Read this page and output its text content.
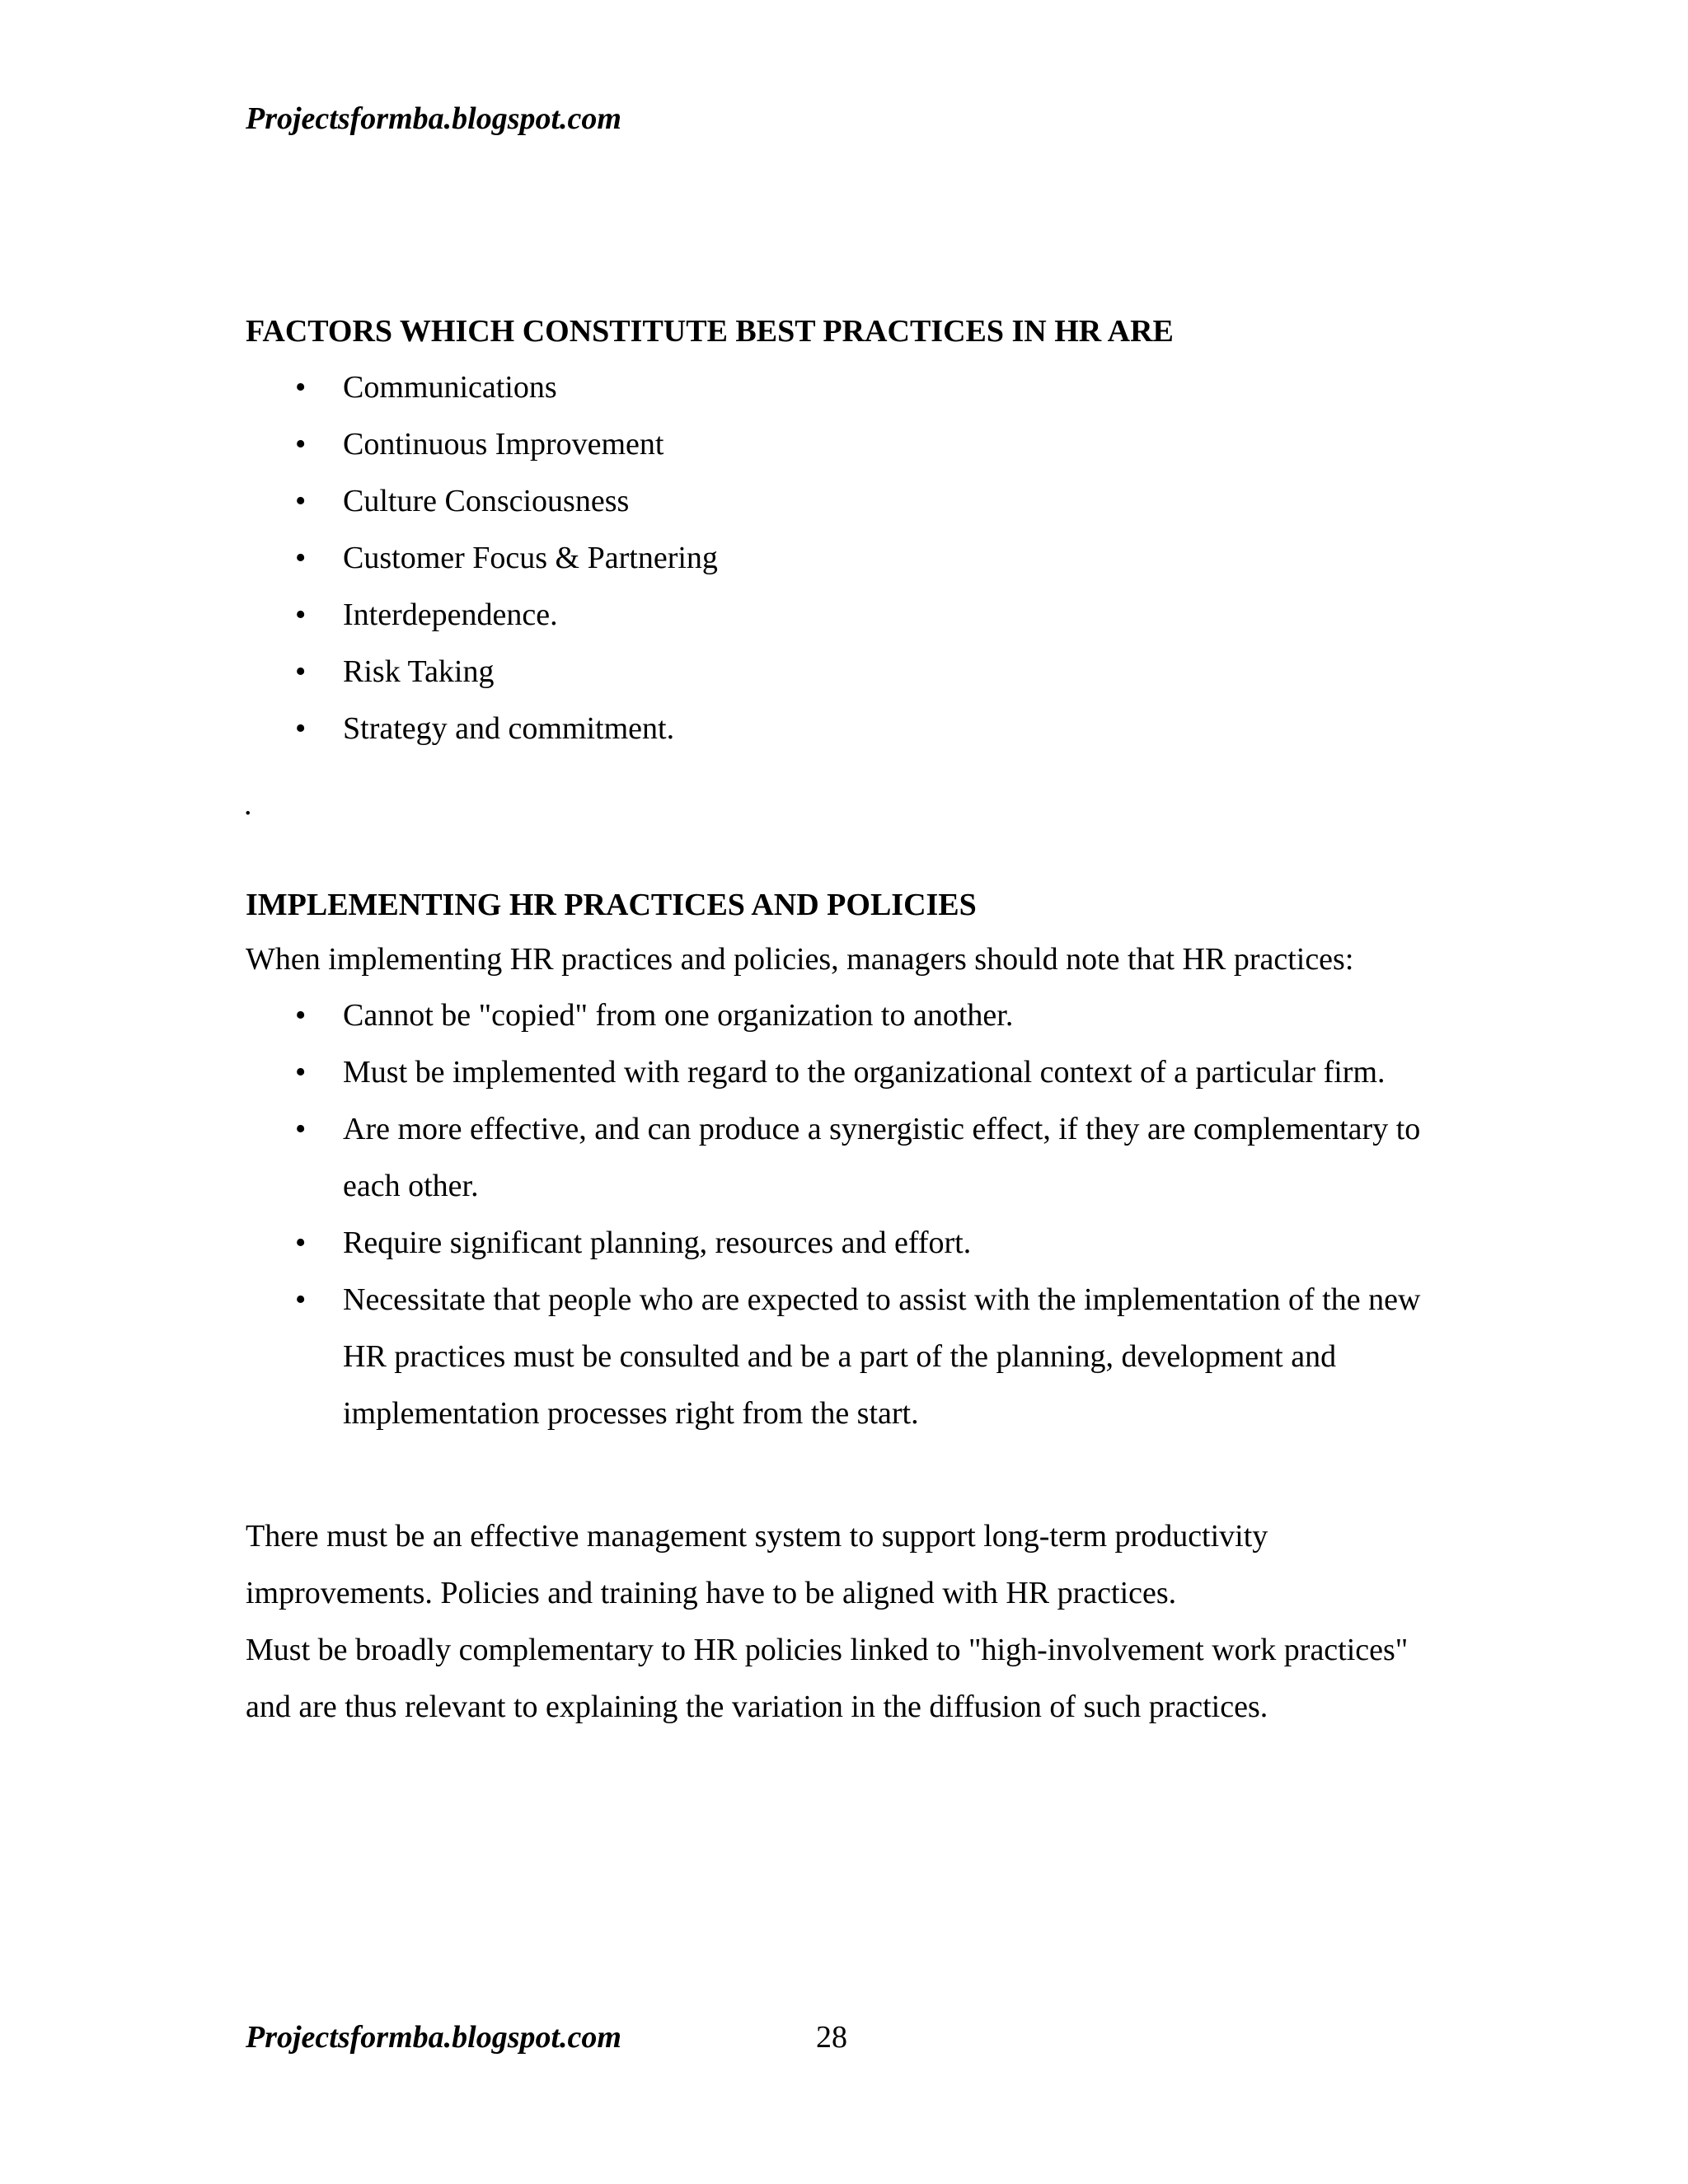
Projectsformba.blogspot.com
FACTORS WHICH CONSTITUTE BEST PRACTICES IN HR ARE
•	Communications
•	Continuous Improvement
•	Culture Consciousness
•	Customer Focus & Partnering
•	Interdependence.
•	Risk Taking
•	Strategy and commitment.
.
IMPLEMENTING HR PRACTICES AND POLICIES
When implementing HR practices and policies, managers should note that HR practices:
•	Cannot be "copied" from one organization to another.
•	Must be implemented with regard to the organizational context of a particular firm.
•	Are more effective, and can produce a synergistic effect, if they are complementary to each other.
•	Require significant planning, resources and effort.
•	Necessitate that people who are expected to assist with the implementation of the new HR practices must be consulted and be a part of the planning, development and implementation processes right from the start.

There must be an effective management system to support long-term productivity improvements. Policies and training have to be aligned with HR practices.

Must be broadly complementary to HR policies linked to "high-involvement work practices" and are thus relevant to explaining the variation in the diffusion of such practices.

Projectsformba.blogspot.com	28
